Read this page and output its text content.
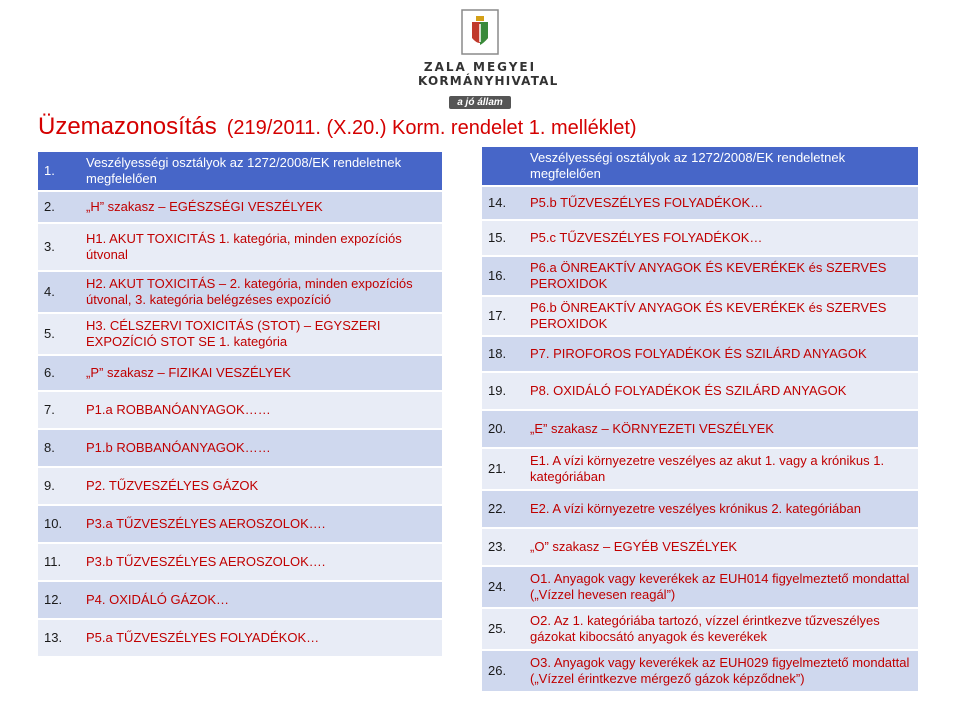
ZALA MEGYEI
KORMÁNYHIVATAL
a jó állam
Üzemazonosítás (219/2011. (X.20.) Korm. rendelet 1. melléklet)
1.	Veszélyességi osztályok az 1272/2008/EK rendeletnek megfelelően
2.	„H” szakasz – EGÉSZSÉGI VESZÉLYEK
3.	H1. AKUT TOXICITÁS 1. kategória, minden expozíciós útvonal
4.	H2. AKUT TOXICITÁS – 2. kategória, minden expozíciós útvonal, 3. kategória belégzéses expozíció
5.	H3. CÉLSZERVI TOXICITÁS (STOT) – EGYSZERI EXPOZÍCIÓ STOT SE 1. kategória
6.	„P” szakasz – FIZIKAI VESZÉLYEK
7.	P1.a ROBBANÓANYAGOK……
8.	P1.b ROBBANÓANYAGOK……
9.	P2. TŰZVESZÉLYES GÁZOK
10.	P3.a TŰZVESZÉLYES AEROSZOLOK….
11.	P3.b TŰZVESZÉLYES AEROSZOLOK….
12.	P4. OXIDÁLÓ GÁZOK…
13.	P5.a TŰZVESZÉLYES FOLYADÉKOK…
	Veszélyességi osztályok az 1272/2008/EK rendeletnek megfelelően
14.	P5.b TŰZVESZÉLYES FOLYADÉKOK…
15.	P5.c TŰZVESZÉLYES FOLYADÉKOK…
16.	P6.a ÖNREAKTÍV ANYAGOK ÉS KEVERÉKEK és SZERVES PEROXIDOK
17.	P6.b ÖNREAKTÍV ANYAGOK ÉS KEVERÉKEK és SZERVES PEROXIDOK
18.	P7. PIROFOROS FOLYADÉKOK ÉS SZILÁRD ANYAGOK
19.	P8. OXIDÁLÓ FOLYADÉKOK ÉS SZILÁRD ANYAGOK
20.	„E” szakasz – KÖRNYEZETI VESZÉLYEK
21.	E1. A vízi környezetre veszélyes az akut 1. vagy a krónikus 1. kategóriában
22.	E2. A vízi környezetre veszélyes krónikus 2. kategóriában
23.	„O” szakasz – EGYÉB VESZÉLYEK
24.	O1. Anyagok vagy keverékek az EUH014 figyelmeztető mondattal („Vízzel hevesen reagál”)
25.	O2. Az 1. kategóriába tartozó, vízzel érintkezve tűzveszélyes gázokat kibocsátó anyagok és keverékek
26.	O3. Anyagok vagy keverékek az EUH029 figyelmeztető mondattal („Vízzel érintkezve mérgező gázok képződnek”)
